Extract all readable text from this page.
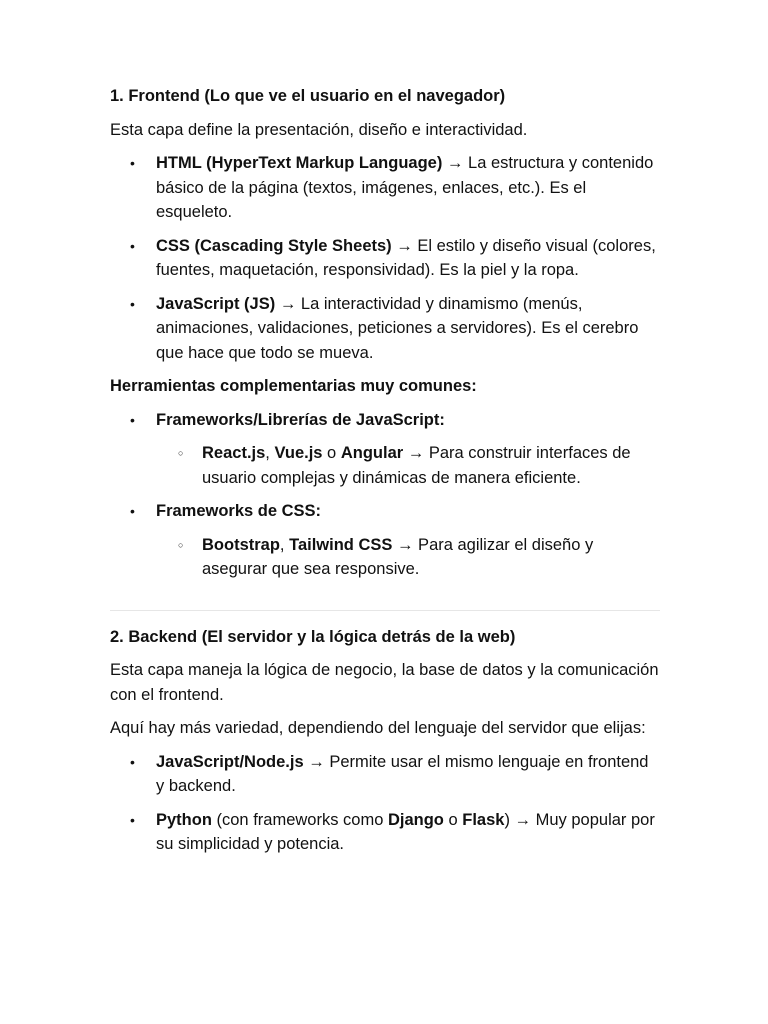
1. Frontend (Lo que ve el usuario en el navegador)

Esta capa define la presentación, diseño e interactividad.

• HTML (HyperText Markup Language) → La estructura y contenido básico de la página (textos, imágenes, enlaces, etc.). Es el esqueleto.
• CSS (Cascading Style Sheets) → El estilo y diseño visual (colores, fuentes, maquetación, responsividad). Es la piel y la ropa.
• JavaScript (JS) → La interactividad y dinamismo (menús, animaciones, validaciones, peticiones a servidores). Es el cerebro que hace que todo se mueva.

Herramientas complementarias muy comunes:

• Frameworks/Librerías de JavaScript:
○ React.js, Vue.js o Angular → Para construir interfaces de usuario complejas y dinámicas de manera eficiente.
• Frameworks de CSS:
○ Bootstrap, Tailwind CSS → Para agilizar el diseño y asegurar que sea responsive.
2. Backend (El servidor y la lógica detrás de la web)

Esta capa maneja la lógica de negocio, la base de datos y la comunicación con el frontend.

Aquí hay más variedad, dependiendo del lenguaje del servidor que elijas:

• JavaScript/Node.js → Permite usar el mismo lenguaje en frontend y backend.
• Python (con frameworks como Django o Flask) → Muy popular por su simplicidad y potencia.
